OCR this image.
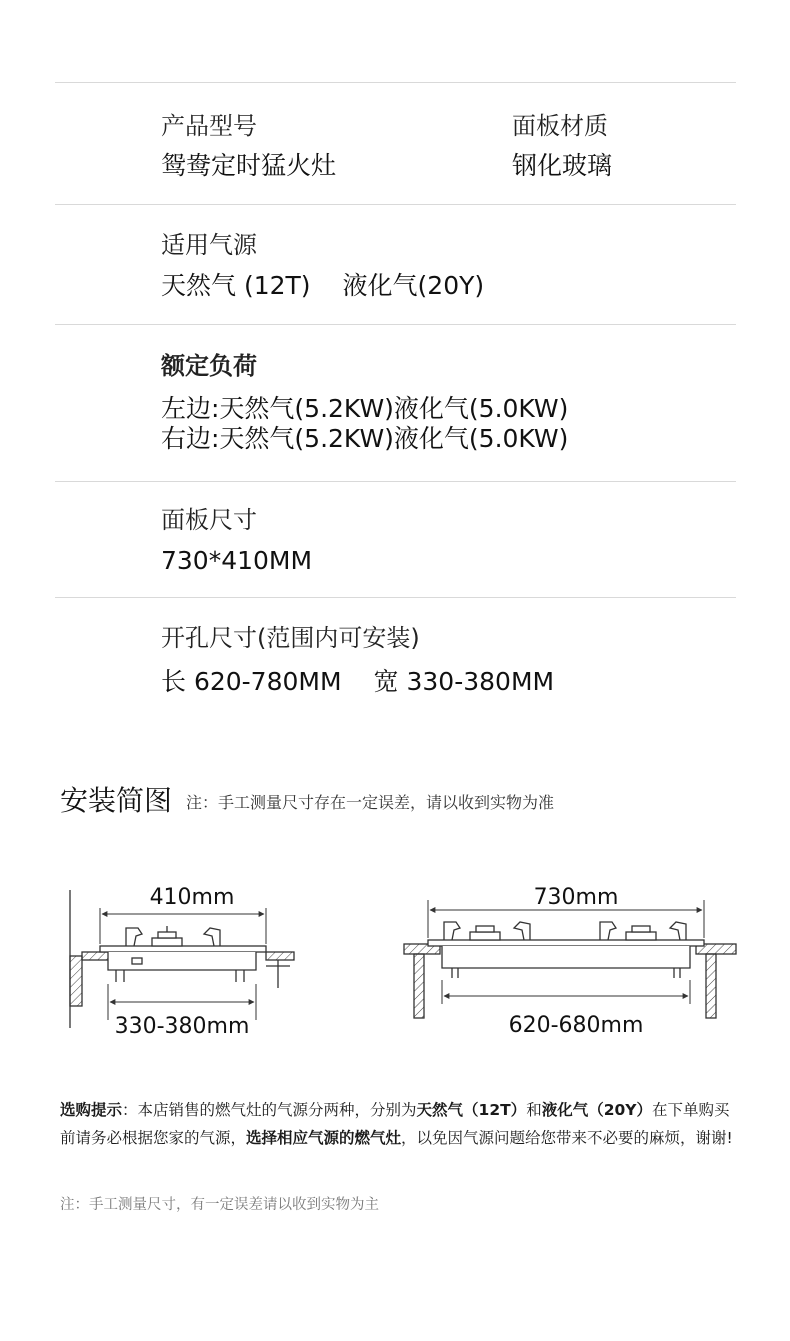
产品型号
鸳鸯定时猛火灶
面板材质
钢化玻璃
适用气源
天然气 (12T) 液化气(20Y)
额定负荷
左边:天然气(5.2KW)液化气(5.0KW)
右边:天然气(5.2KW)液化气(5.0KW)
面板尺寸
730*410MM
开孔尺寸(范围内可安装)
长 620-780MM 宽 330-380MM
安装简图 注：手工测量尺寸存在一定误差，请以收到实物为准
410mm
330-380mm
730mm
620-680mm
选购提示：本店销售的燃气灶的气源分两种，分别为天然气（12T）和液化气（20Y）在下单购买前请务必根据您家的气源，选择相应气源的燃气灶，以免因气源问题给您带来不必要的麻烦，谢谢!
注：手工测量尺寸，有一定误差请以收到实物为主
